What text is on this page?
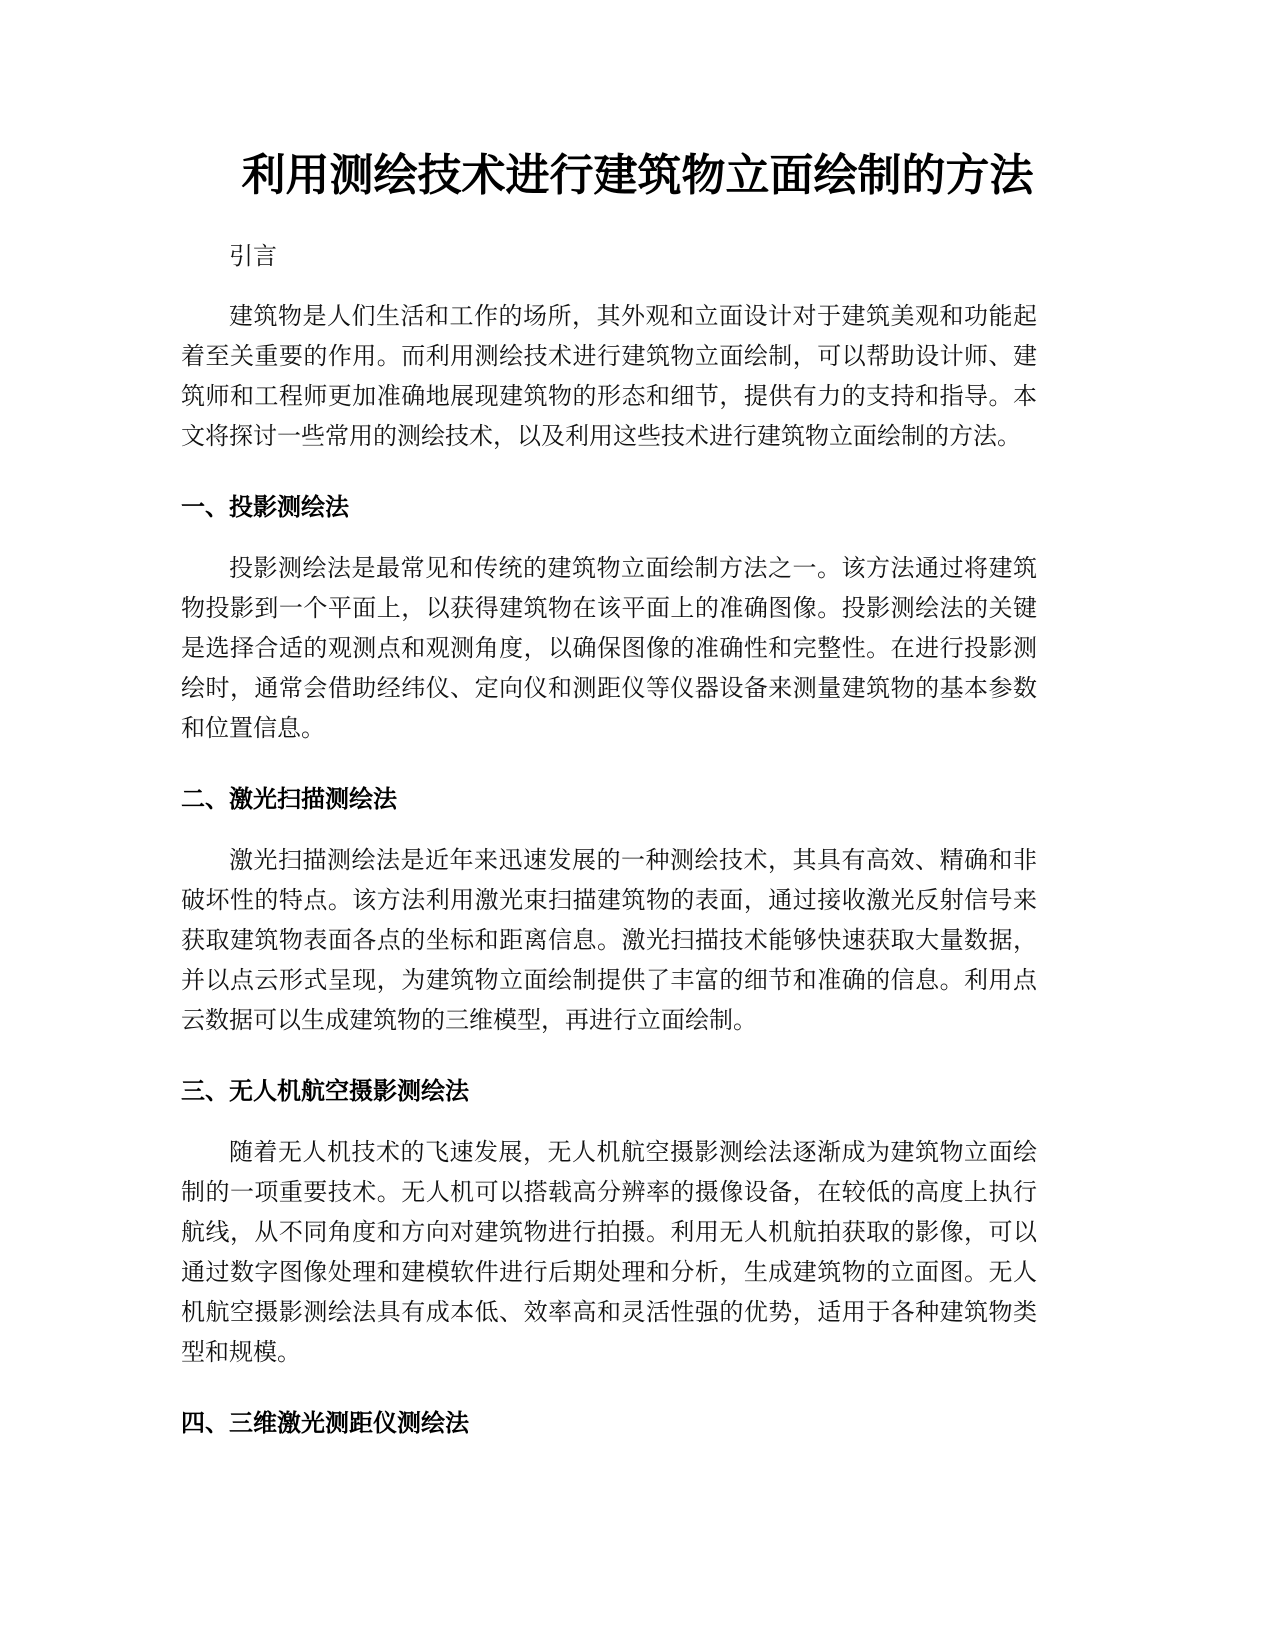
利用测绘技术进行建筑物立面绘制的方法

引言

建筑物是人们生活和工作的场所，其外观和立面设计对于建筑美观和功能起着至关重要的作用。而利用测绘技术进行建筑物立面绘制，可以帮助设计师、建筑师和工程师更加准确地展现建筑物的形态和细节，提供有力的支持和指导。本文将探讨一些常用的测绘技术，以及利用这些技术进行建筑物立面绘制的方法。

一、投影测绘法

投影测绘法是最常见和传统的建筑物立面绘制方法之一。该方法通过将建筑物投影到一个平面上，以获得建筑物在该平面上的准确图像。投影测绘法的关键是选择合适的观测点和观测角度，以确保图像的准确性和完整性。在进行投影测绘时，通常会借助经纬仪、定向仪和测距仪等仪器设备来测量建筑物的基本参数和位置信息。

二、激光扫描测绘法

激光扫描测绘法是近年来迅速发展的一种测绘技术，其具有高效、精确和非破坏性的特点。该方法利用激光束扫描建筑物的表面，通过接收激光反射信号来获取建筑物表面各点的坐标和距离信息。激光扫描技术能够快速获取大量数据，并以点云形式呈现，为建筑物立面绘制提供了丰富的细节和准确的信息。利用点云数据可以生成建筑物的三维模型，再进行立面绘制。

三、无人机航空摄影测绘法

随着无人机技术的飞速发展，无人机航空摄影测绘法逐渐成为建筑物立面绘制的一项重要技术。无人机可以搭载高分辨率的摄像设备，在较低的高度上执行航线，从不同角度和方向对建筑物进行拍摄。利用无人机航拍获取的影像，可以通过数字图像处理和建模软件进行后期处理和分析，生成建筑物的立面图。无人机航空摄影测绘法具有成本低、效率高和灵活性强的优势，适用于各种建筑物类型和规模。

四、三维激光测距仪测绘法
